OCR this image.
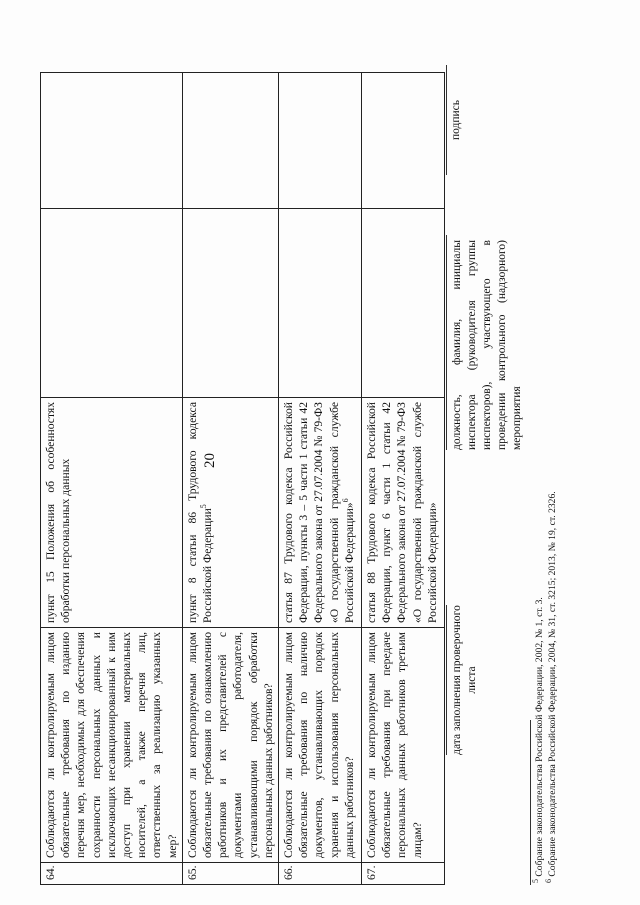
20
64.	Соблюдаются ли контролируемым лицом обязательные требования по изданию перечня мер, необходимых для обеспечения сохранности персональных данных и исключающих несанкционированный к ним доступ при хранении материальных носителей, а также перечня лиц, ответственных за реализацию указанных мер?	пункт 15 Положения об особенностях обработки персональных данных		
65.	Соблюдаются ли контролируемым лицом обязательные требования по ознакомлению работников и их представителей с документами работодателя, устанавливающими порядок обработки персональных данных работников?	пункт 8 статьи 86 Трудового кодекса Российской Федерации$^5$		
66.	Соблюдаются ли контролируемым лицом обязательные требования по наличию документов, устанавливающих порядок хранения и использования персональных данных работников?	статья 87 Трудового кодекса Российской Федерации, пункты 3 – 5 части 1 статьи 42 Федерального закона от 27.07.2004 № 79-ФЗ «О государственной гражданской службе Российской Федерации»$^6$		
67.	Соблюдаются ли контролируемым лицом обязательные требования при передаче персональных данных работников третьим лицам?	статья 88 Трудового кодекса Российской Федерации, пункт 6 части 1 статьи 42 Федерального закона от 27.07.2004 № 79-ФЗ «О государственной гражданской службе Российской Федерации»		
дата заполнения проверочного листа
должность, фамилия, инициалы инспектора (руководителя группы инспекторов), участвующего в проведении контрольного (надзорного) мероприятия
подпись
$^5$ Собрание законодательства Российской Федерации, 2002, № 1, ст. 3.
$^6$ Собрание законодательства Российской Федерации, 2004, № 31, ст. 3215; 2013, № 19, ст. 2326.
